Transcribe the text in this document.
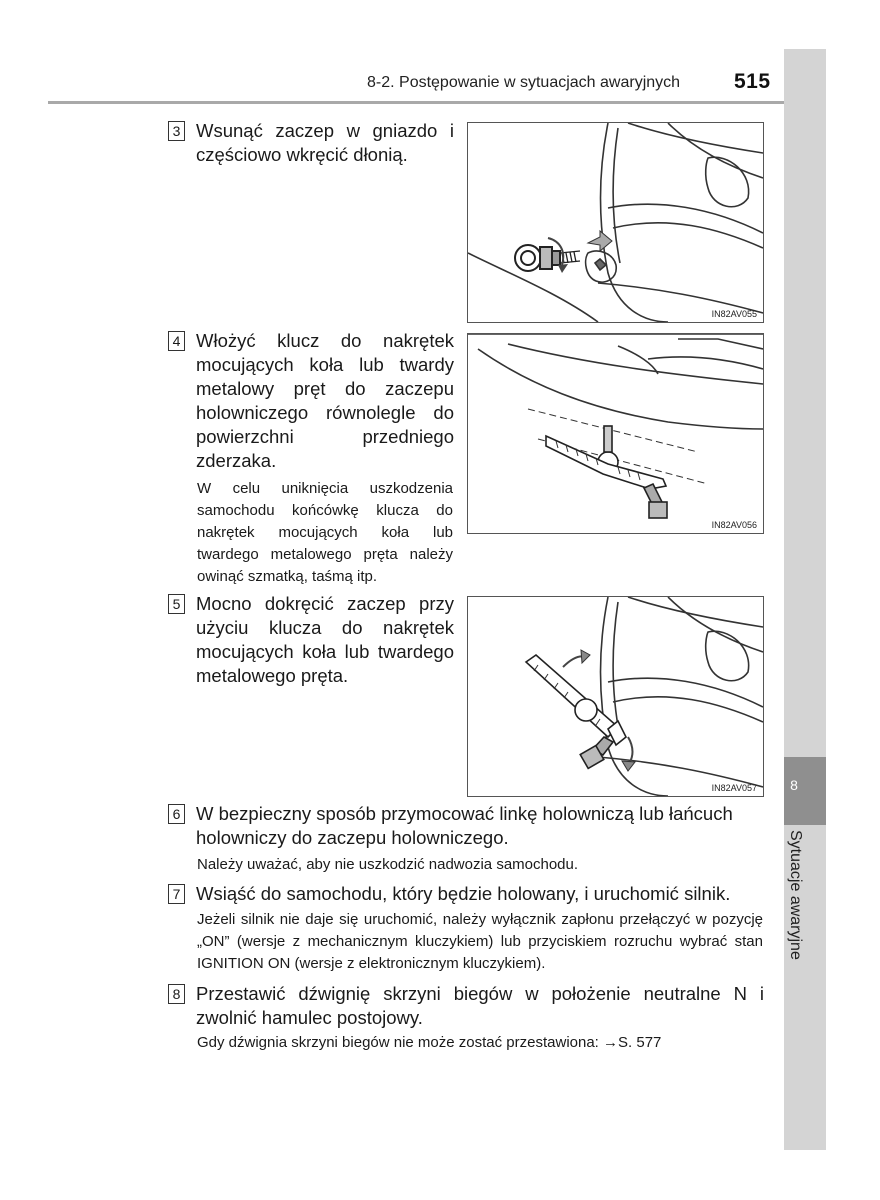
8-2. Postępowanie w sytuacjach awaryjnych	515
8
Sytuacje awaryjne
3 Wsunąć zaczep w gniazdo i częściowo wkręcić dłonią.
IN82AV055
4 Włożyć klucz do nakrętek mocujących koła lub twardy metalowy pręt do zaczepu holowniczego równolegle do powierzchni przedniego zderzaka.
W celu uniknięcia uszkodzenia samochodu końcówkę klucza do nakrętek mocujących koła lub twardego metalowego pręta należy owinąć szmatką, taśmą itp.
IN82AV056
5 Mocno dokręcić zaczep przy użyciu klucza do nakrętek mocujących koła lub twardego metalowego pręta.
IN82AV057
6 W bezpieczny sposób przymocować linkę holowniczą lub łańcuch holowniczy do zaczepu holowniczego.
Należy uważać, aby nie uszkodzić nadwozia samochodu.
7 Wsiąść do samochodu, który będzie holowany, i uruchomić silnik.
Jeżeli silnik nie daje się uruchomić, należy wyłącznik zapłonu przełączyć w pozycję „ON” (wersje z mechanicznym kluczykiem) lub przyciskiem rozruchu wybrać stan IGNITION ON (wersje z elektronicznym kluczykiem).
8 Przestawić dźwignię skrzyni biegów w położenie neutralne N i zwolnić hamulec postojowy.
Gdy dźwignia skrzyni biegów nie może zostać przestawiona: →S. 577
